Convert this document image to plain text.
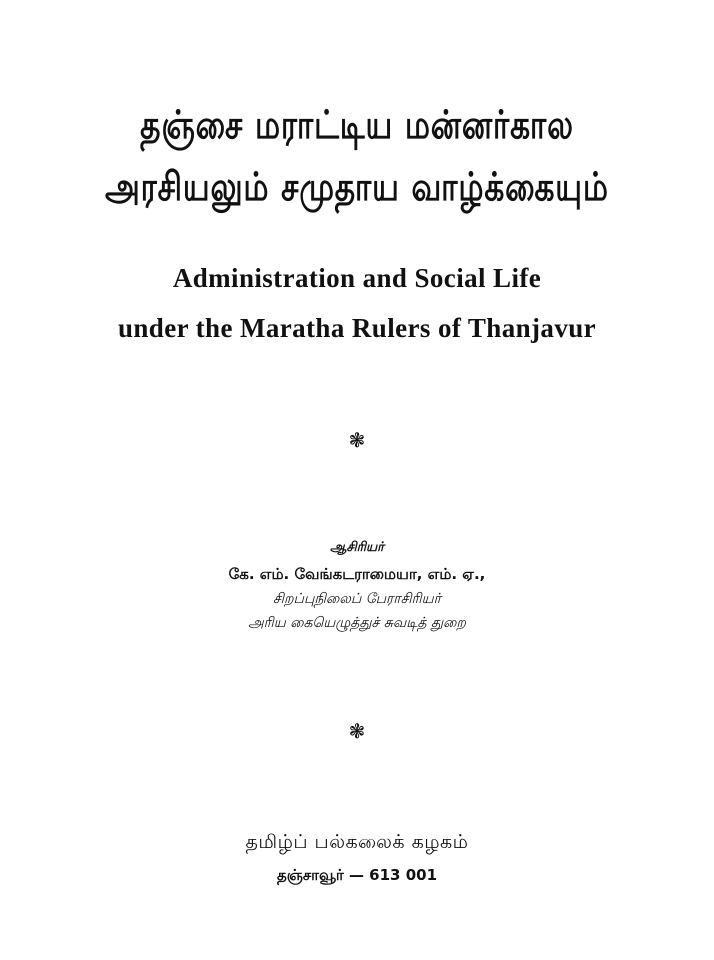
தஞ்சை மராட்டிய மன்னர்கால
அரசியலும் சமுதாய வாழ்க்கையும்
Administration and Social Life
under the Maratha Rulers of Thanjavur
❃
ஆசிரியர்
கே. எம். வேங்கடராமையா, எம். ஏ.,
சிறப்புநிலைப் பேராசிரியர்
அரிய கையெழுத்துச் சுவடித் துறை
❃
தமிழ்ப் பல்கலைக் கழகம்
தஞ்சாவூர் — 613 001
